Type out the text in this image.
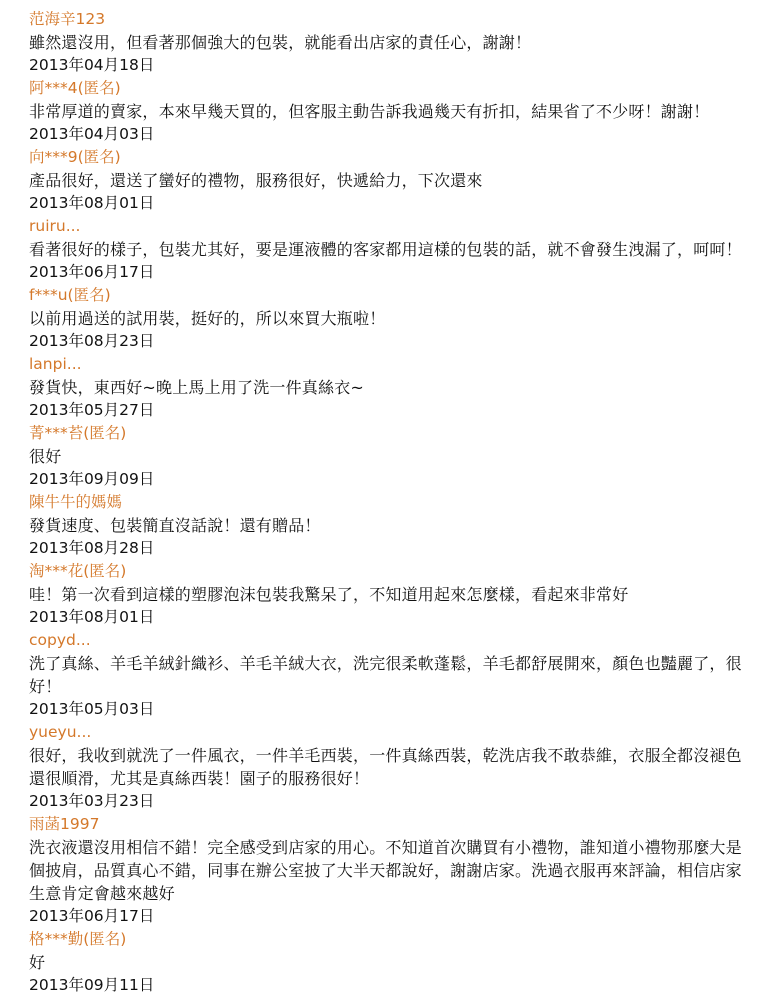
范海辛123
雖然還沒用，但看著那個強大的包裝，就能看出店家的責任心，謝謝！
2013年04月18日
阿***4(匿名)
非常厚道的賣家，本來早幾天買的，但客服主動告訴我過幾天有折扣，結果省了不少呀！謝謝！
2013年04月03日
向***9(匿名)
產品很好，還送了蠻好的禮物，服務很好，快遞給力，下次還來
2013年08月01日
ruiru...
看著很好的樣子，包裝尤其好，要是運液體的客家都用這樣的包裝的話，就不會發生洩漏了，呵呵！
2013年06月17日
f***u(匿名)
以前用過送的試用裝，挺好的，所以來買大瓶啦！
2013年08月23日
lanpi...
發貨快，東西好~晚上馬上用了洗一件真絲衣~
2013年05月27日
菁***苔(匿名)
很好
2013年09月09日
陳牛牛的媽媽
發貨速度、包裝簡直沒話說！還有贈品！
2013年08月28日
淘***花(匿名)
哇！第一次看到這樣的塑膠泡沫包裝我驚呆了，不知道用起來怎麼樣，看起來非常好
2013年08月01日
copyd...
洗了真絲、羊毛羊絨針織衫、羊毛羊絨大衣，洗完很柔軟蓬鬆，羊毛都舒展開來，顏色也豔麗了，很好！
2013年05月03日
yueyu...
很好，我收到就洗了一件風衣，一件羊毛西裝，一件真絲西裝，乾洗店我不敢恭維，衣服全都沒褪色還很順滑，尤其是真絲西裝！園子的服務很好！
2013年03月23日
雨菡1997
洗衣液還沒用相信不錯！完全感受到店家的用心。不知道首次購買有小禮物，誰知道小禮物那麼大是個披肩，品質真心不錯，同事在辦公室披了大半天都說好，謝謝店家。洗過衣服再來評論，相信店家生意肯定會越來越好
2013年06月17日
格***勤(匿名)
好
2013年09月11日
